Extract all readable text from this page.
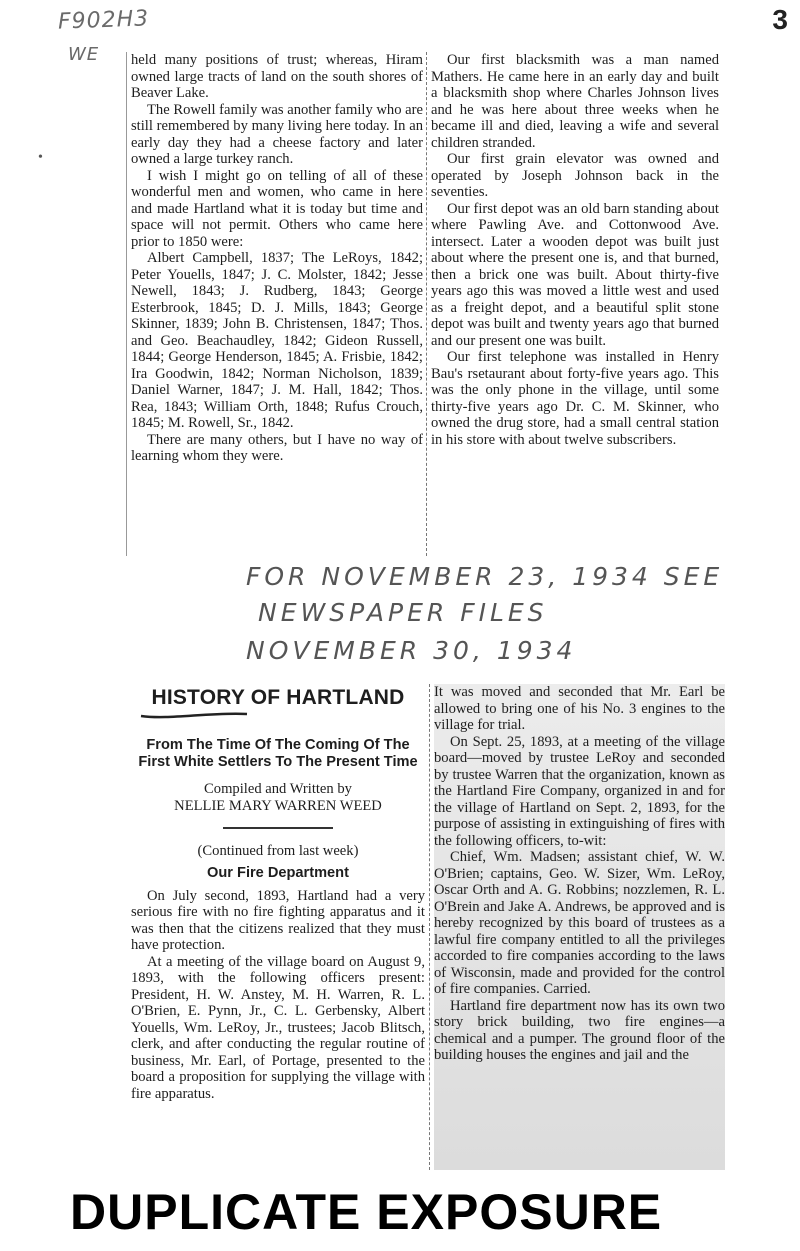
F902H3
WE
3
•

held many positions of trust; whereas, Hiram owned large tracts of land on the south shores of Beaver Lake.

The Rowell family was another family who are still remembered by many living here today. In an early day they had a cheese factory and later owned a large turkey ranch.

I wish I might go on telling of all of these wonderful men and women, who came in here and made Hartland what it is today but time and space will not permit. Others who came here prior to 1850 were:

Albert Campbell, 1837; The LeRoys, 1842; Peter Youells, 1847; J. C. Molster, 1842; Jesse Newell, 1843; J. Rudberg, 1843; George Esterbrook, 1845; D. J. Mills, 1843; George Skinner, 1839; John B. Christensen, 1847; Thos. and Geo. Beachaudley, 1842; Gideon Russell, 1844; George Henderson, 1845; A. Frisbie, 1842; Ira Goodwin, 1842; Norman Nicholson, 1839; Daniel Warner, 1847; J. M. Hall, 1842; Thos. Rea, 1843; William Orth, 1848; Rufus Crouch, 1845; M. Rowell, Sr., 1842.

There are many others, but I have no way of learning whom they were.

Our first blacksmith was a man named Mathers. He came here in an early day and built a blacksmith shop where Charles Johnson lives and he was here about three weeks when he became ill and died, leaving a wife and several children stranded.

Our first grain elevator was owned and operated by Joseph Johnson back in the seventies.

Our first depot was an old barn standing about where Pawling Ave. and Cottonwood Ave. intersect. Later a wooden depot was built just about where the present one is, and that burned, then a brick one was built. About thirty-five years ago this was moved a little west and used as a freight depot, and a beautiful split stone depot was built and twenty years ago that burned and our present one was built.

Our first telephone was installed in Henry Bau's rsetaurant about forty-five years ago. This was the only phone in the village, until some thirty-five years ago Dr. C. M. Skinner, who owned the drug store, had a small central station in his store with about twelve subscribers.

FOR NOVEMBER 23, 1934 SEE
NEWSPAPER FILES
NOVEMBER 30, 1934
HISTORY OF HARTLAND
From The Time Of The Coming Of The First White Settlers To The Present Time
Compiled and Written by
NELLIE MARY WARREN WEED
(Continued from last week)
Our Fire Department

On July second, 1893, Hartland had a very serious fire with no fire fighting apparatus and it was then that the citizens realized that they must have protection.

At a meeting of the village board on August 9, 1893, with the following officers present: President, H. W. Anstey, M. H. Warren, R. L. O'Brien, E. Pynn, Jr., C. L. Gerbensky, Albert Youells, Wm. LeRoy, Jr., trustees; Jacob Blitsch, clerk, and after conducting the regular routine of business, Mr. Earl, of Portage, presented to the board a proposition for supplying the village with fire apparatus.

It was moved and seconded that Mr. Earl be allowed to bring one of his No. 3 engines to the village for trial.

On Sept. 25, 1893, at a meeting of the village board—moved by trustee LeRoy and seconded by trustee Warren that the organization, known as the Hartland Fire Company, organized in and for the village of Hartland on Sept. 2, 1893, for the purpose of assisting in extinguishing of fires with the following officers, to-wit:

Chief, Wm. Madsen; assistant chief, W. W. O'Brien; captains, Geo. W. Sizer, Wm. LeRoy, Oscar Orth and A. G. Robbins; nozzlemen, R. L. O'Brein and Jake A. Andrews, be approved and is hereby recognized by this board of trustees as a lawful fire company entitled to all the privileges accorded to fire companies according to the laws of Wisconsin, made and provided for the control of fire companies. Carried.

Hartland fire department now has its own two story brick building, two fire engines—a chemical and a pumper. The ground floor of the building houses the engines and jail and the

DUPLICATE EXPOSURE
